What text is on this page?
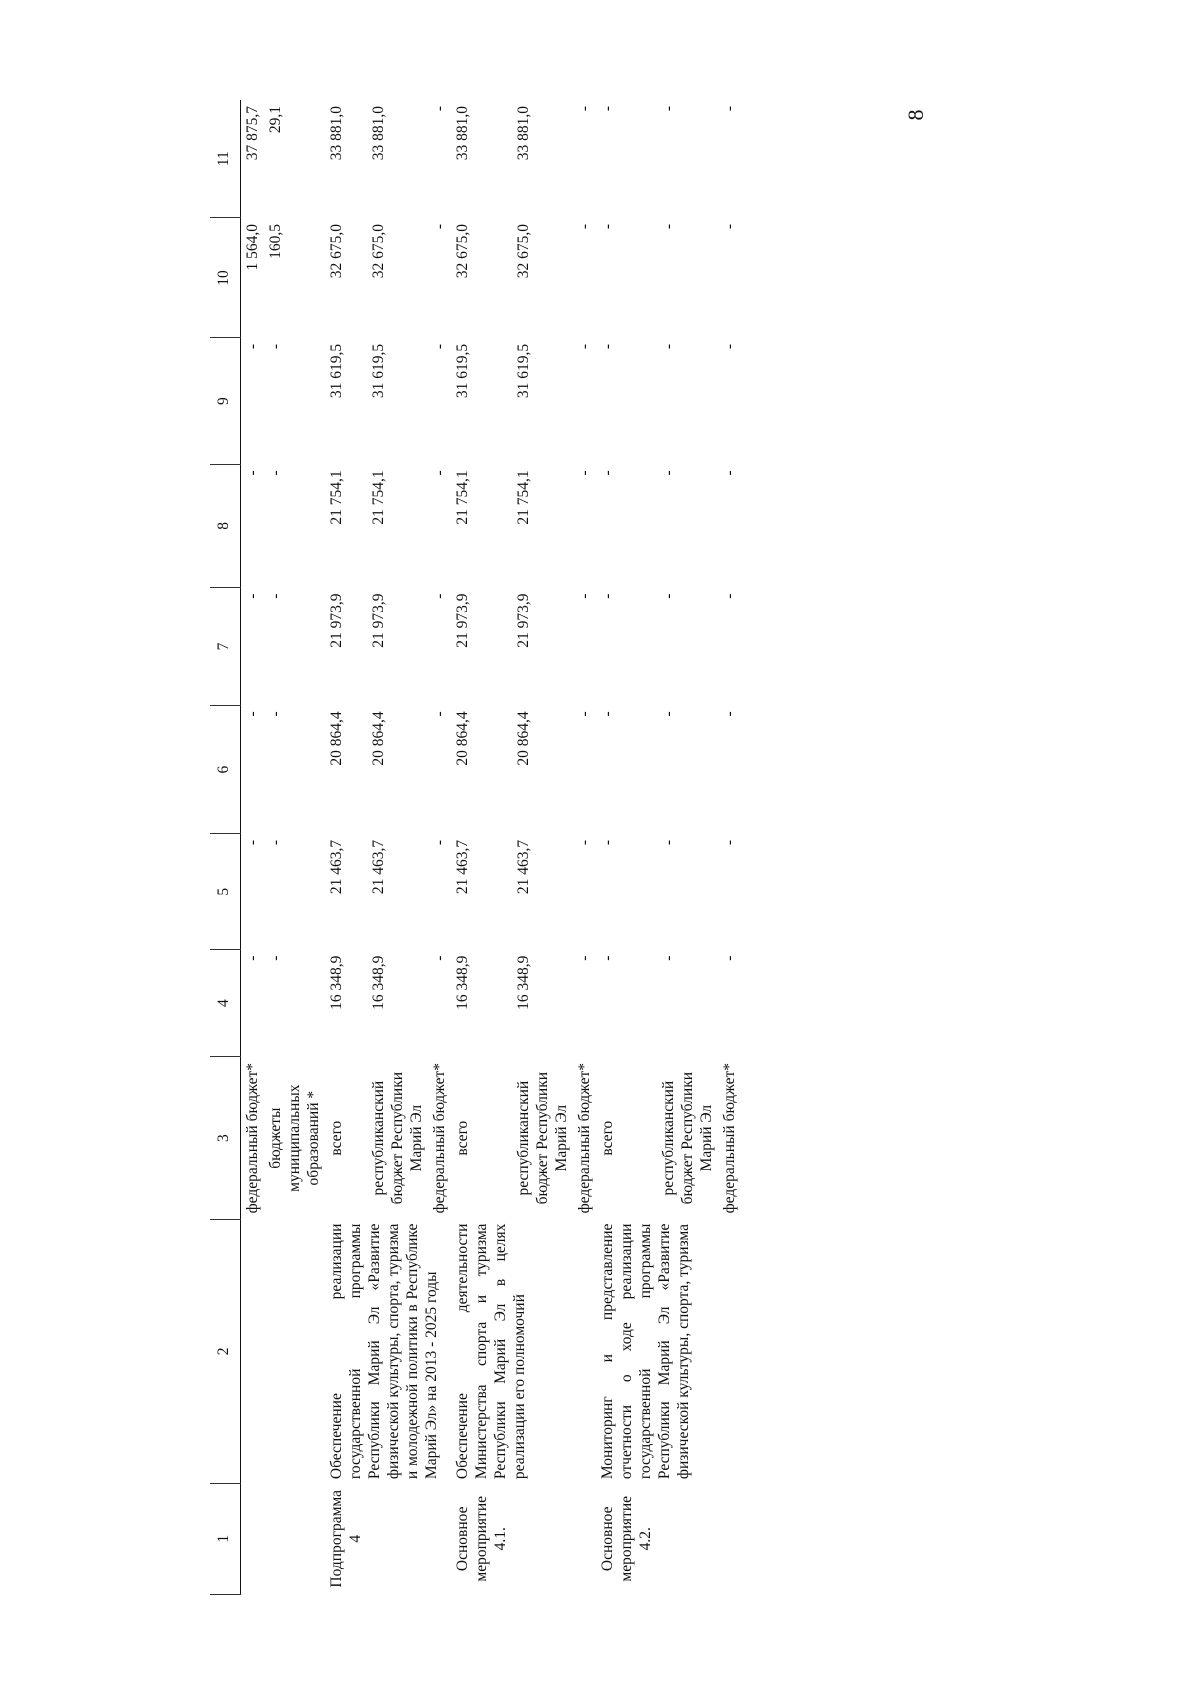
8
1	2	3	4	5	6	7	8	9	10	11
		федеральный бюджет*	-	-	-	-	-	-	1 564,0	37 875,7
		бюджеты муниципальных образований *	-	-	-	-	-	-	160,5	29,1
Подпрограмма 4	Обеспечение реализации государственной программы Республики Марий Эл «Развитие физической культуры, спорта, туризма и молодежной политики в Республике Марий Эл» на 2013 - 2025 годы	всего	16 348,9	21 463,7	20 864,4	21 973,9	21 754,1	31 619,5	32 675,0	33 881,0
		республиканский бюджет Республики Марий Эл	16 348,9	21 463,7	20 864,4	21 973,9	21 754,1	31 619,5	32 675,0	33 881,0
		федеральный бюджет*	-	-	-	-	-	-	-	-
Основное мероприятие 4.1.	Обеспечение деятельности Министерства спорта и туризма Республики Марий Эл в целях реализации его полномочий	всего	16 348,9	21 463,7	20 864,4	21 973,9	21 754,1	31 619,5	32 675,0	33 881,0
		республиканский бюджет Республики Марий Эл	16 348,9	21 463,7	20 864,4	21 973,9	21 754,1	31 619,5	32 675,0	33 881,0
		федеральный бюджет*	-	-	-	-	-	-	-	-
Основное мероприятие 4.2.	Мониторинг и представление отчетности о ходе реализации государственной программы Республики Марий Эл «Развитие физической культуры, спорта, туризма	всего	-	-	-	-	-	-	-	-
		республиканский бюджет Республики Марий Эл	-	-	-	-	-	-	-	-
		федеральный бюджет*	-	-	-	-	-	-	-	-
